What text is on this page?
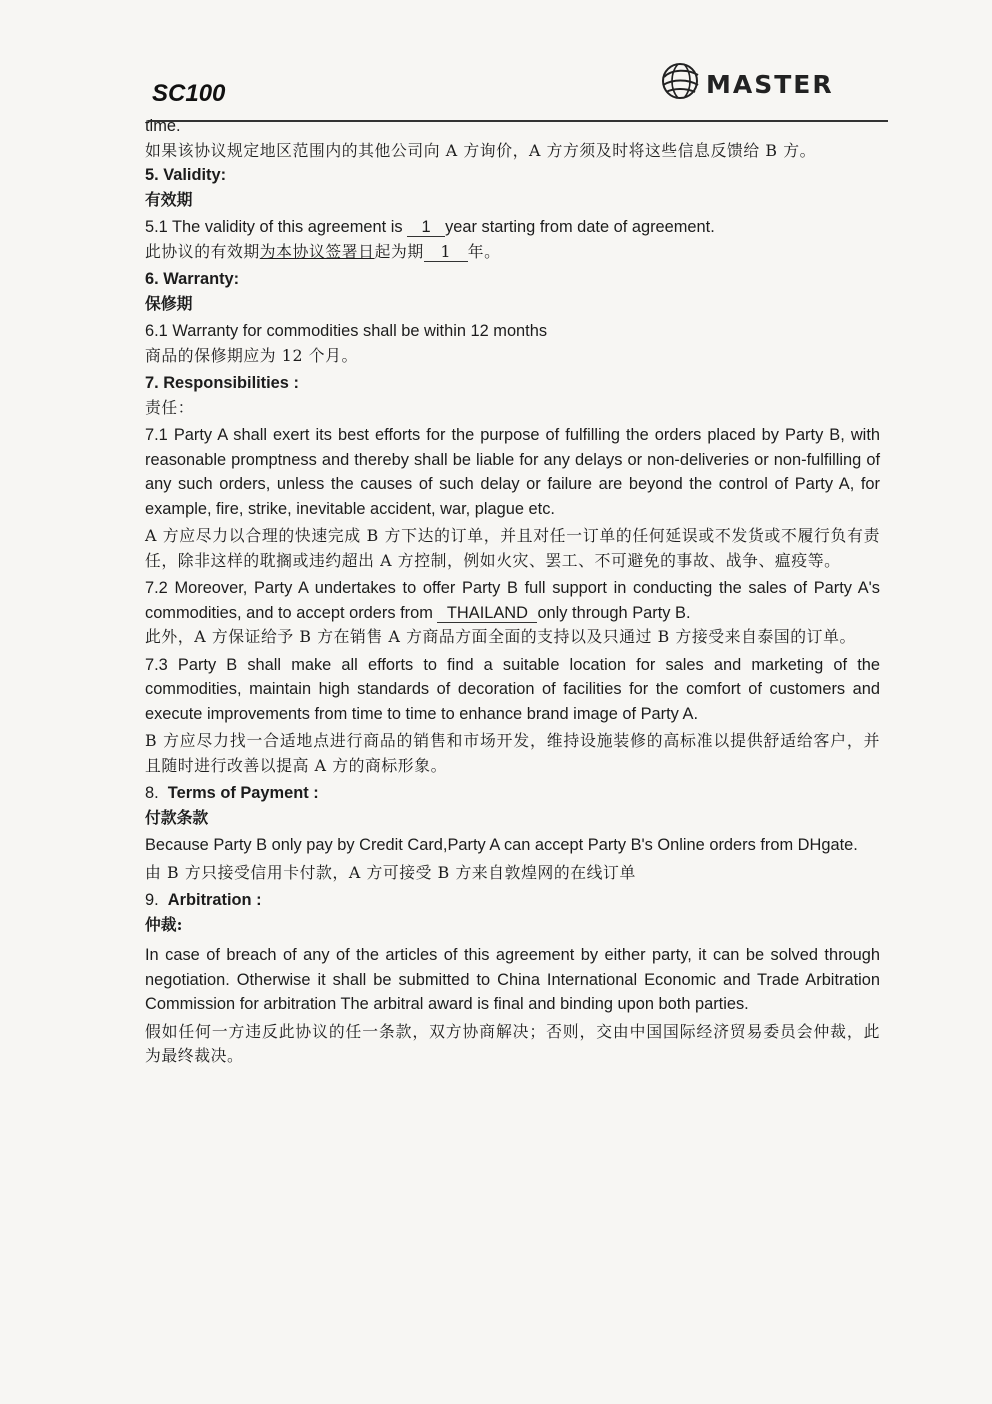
SC100	MASTER

time.

如果该协议规定地区范围内的其他公司向 A 方询价，A 方方须及时将这些信息反馈给 B 方。

5. Validity:

有效期

5.1 The validity of this agreement is 1 year starting from date of agreement.

此协议的有效期为本协议签署日起为期 1 年。

6. Warranty:

保修期

6.1 Warranty for commodities shall be within 12 months

商品的保修期应为 12 个月。

7. Responsibilities :

责任：

7.1 Party A shall exert its best efforts for the purpose of fulfilling the orders placed by Party B, with reasonable promptness and thereby shall be liable for any delays or non-deliveries or non-fulfilling of any such orders, unless the causes of such delay or failure are beyond the control of Party A, for example, fire, strike, inevitable accident, war, plague etc.

A 方应尽力以合理的快速完成 B 方下达的订单，并且对任一订单的任何延误或不发货或不履行负有责任，除非这样的耽搁或违约超出 A 方控制，例如火灾、罢工、不可避免的事故、战争、瘟疫等。

7.2 Moreover, Party A undertakes to offer Party B full support in conducting the sales of Party A's commodities, and to accept orders from THAILAND only through Party B.

此外，A 方保证给予 B 方在销售 A 方商品方面全面的支持以及只通过 B 方接受来自泰国的订单。

7.3 Party B shall make all efforts to find a suitable location for sales and marketing of the commodities, maintain high standards of decoration of facilities for the comfort of customers and execute improvements from time to time to enhance brand image of Party A.

B 方应尽力找一合适地点进行商品的销售和市场开发，维持设施装修的高标准以提供舒适给客户，并且随时进行改善以提高 A 方的商标形象。

8. Terms of Payment :

付款条款

Because Party B only pay by Credit Card,Party A can accept Party B's Online orders from DHgate.

由 B 方只接受信用卡付款，A 方可接受 B 方来自敦煌网的在线订单

9. Arbitration :

仲裁:

In case of breach of any of the articles of this agreement by either party, it can be solved through negotiation. Otherwise it shall be submitted to China International Economic and Trade Arbitration Commission for arbitration The arbitral award is final and binding upon both parties.

假如任何一方违反此协议的任一条款，双方协商解决；否则，交由中国国际经济贸易委员会仲裁，此为最终裁决。
